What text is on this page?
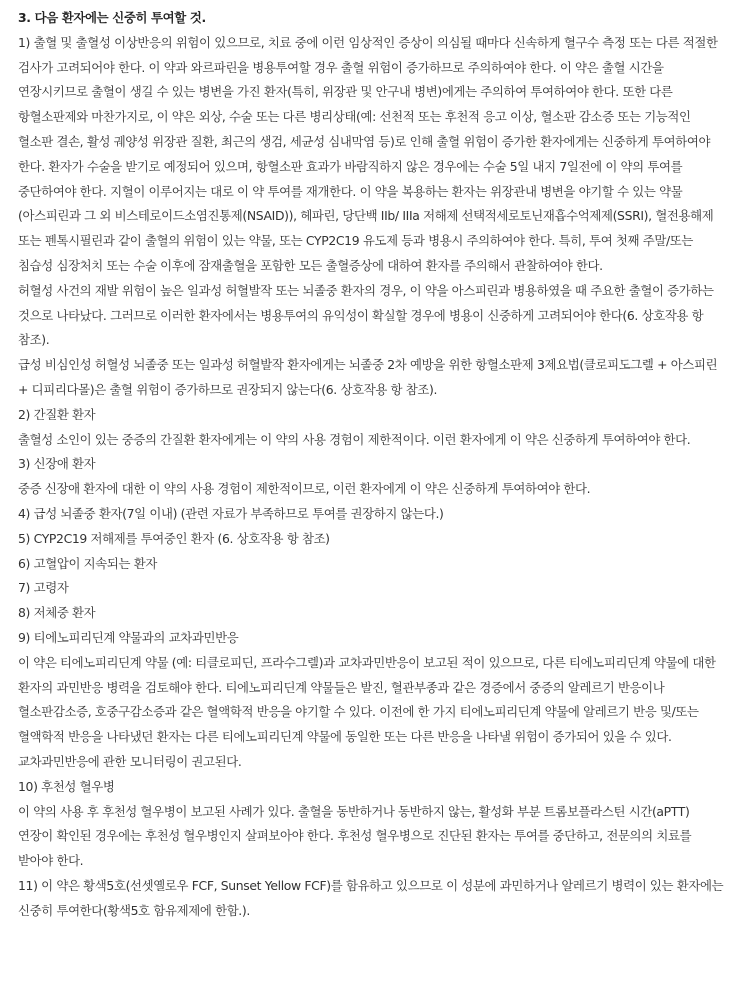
3. 다음 환자에는 신중히 투여할 것.

1) 출혈 및 출혈성 이상반응의 위험이 있으므로, 치료 중에 이런 임상적인 증상이 의심될 때마다 신속하게 혈구수 측정 또는 다른 적절한 검사가 고려되어야 한다. 이 약과 와르파린을 병용투여할 경우 출혈 위험이 증가하므로 주의하여야 한다. 이 약은 출혈 시간을 연장시키므로 출혈이 생길 수 있는 병변을 가진 환자(특히, 위장관 및 안구내 병변)에게는 주의하여 투여하여야 한다. 또한 다른 항혈소판제와 마찬가지로, 이 약은 외상, 수술 또는 다른 병리상태(예: 선천적 또는 후천적 응고 이상, 혈소판 감소증 또는 기능적인 혈소판 결손, 활성 궤양성 위장관 질환, 최근의 생검, 세균성 심내막염 등)로 인해 출혈 위험이 증가한 환자에게는 신중하게 투여하여야 한다. 환자가 수술을 받기로 예정되어 있으며, 항혈소판 효과가 바람직하지 않은 경우에는 수술 5일 내지 7일전에 이 약의 투여를 중단하여야 한다. 지혈이 이루어지는 대로 이 약 투여를 재개한다. 이 약을 복용하는 환자는 위장관내 병변을 야기할 수 있는 약물(아스피린과 그 외 비스테로이드소염진통제(NSAID)), 헤파린, 당단백 IIb/ IIIa 저해제 선택적세로토닌재흡수억제제(SSRI), 혈전용해제 또는 펜톡시필린과 같이 출혈의 위험이 있는 약물, 또는 CYP2C19 유도제 등과 병용시 주의하여야 한다. 특히, 투여 첫째 주말/또는 침습성 심장처치 또는 수술 이후에 잠재출혈을 포함한 모든 출혈증상에 대하여 환자를 주의해서 관찰하여야 한다.

허혈성 사건의 재발 위험이 높은 일과성 허혈발작 또는 뇌졸중 환자의 경우, 이 약을 아스피린과 병용하였을 때 주요한 출혈이 증가하는 것으로 나타났다. 그러므로 이러한 환자에서는 병용투여의 유익성이 확실할 경우에 병용이 신중하게 고려되어야 한다(6. 상호작용 항 참조).

급성 비심인성 허혈성 뇌졸중 또는 일과성 허혈발작 환자에게는 뇌졸중 2차 예방을 위한 항혈소판제 3제요법(클로피도그렐 + 아스피린 + 디피리다몰)은 출혈 위험이 증가하므로 권장되지 않는다(6. 상호작용 항 참조).

2) 간질환 환자

출혈성 소인이 있는 중증의 간질환 환자에게는 이 약의 사용 경험이 제한적이다. 이런 환자에게 이 약은 신중하게 투여하여야 한다.

3) 신장애 환자

중증 신장애 환자에 대한 이 약의 사용 경험이 제한적이므로, 이런 환자에게 이 약은 신중하게 투여하여야 한다.

4) 급성 뇌졸중 환자(7일 이내) (관련 자료가 부족하므로 투여를 권장하지 않는다.)

5) CYP2C19 저해제를 투여중인 환자 (6. 상호작용 항 참조)

6) 고혈압이 지속되는 환자

7) 고령자

8) 저체중 환자

9) 티에노피리딘계 약물과의 교차과민반응

이 약은 티에노피리딘계 약물 (예: 티클로피딘, 프라수그렐)과 교차과민반응이 보고된 적이 있으므로, 다른 티에노피리딘계 약물에 대한 환자의 과민반응 병력을 검토해야 한다. 티에노피리딘계 약물들은 발진, 혈관부종과 같은 경증에서 중증의 알레르기 반응이나 혈소판감소증, 호중구감소증과 같은 혈액학적 반응을 야기할 수 있다. 이전에 한 가지 티에노피리딘계 약물에 알레르기 반응 및/또는 혈액학적 반응을 나타냈던 환자는 다른 티에노피리딘계 약물에 동일한 또는 다른 반응을 나타낼 위험이 증가되어 있을 수 있다. 교차과민반응에 관한 모니터링이 권고된다.

10) 후천성 혈우병

이 약의 사용 후 후천성 혈우병이 보고된 사례가 있다. 출혈을 동반하거나 동반하지 않는, 활성화 부분 트롬보플라스틴 시간(aPTT) 연장이 확인된 경우에는 후천성 혈우병인지 살펴보아야 한다. 후천성 혈우병으로 진단된 환자는 투여를 중단하고, 전문의의 치료를 받아야 한다.

11) 이 약은 황색5호(선셋옐로우 FCF, Sunset Yellow FCF)를 함유하고 있으므로 이 성분에 과민하거나 알레르기 병력이 있는 환자에는 신중히 투여한다(황색5호 함유제제에 한함.).
